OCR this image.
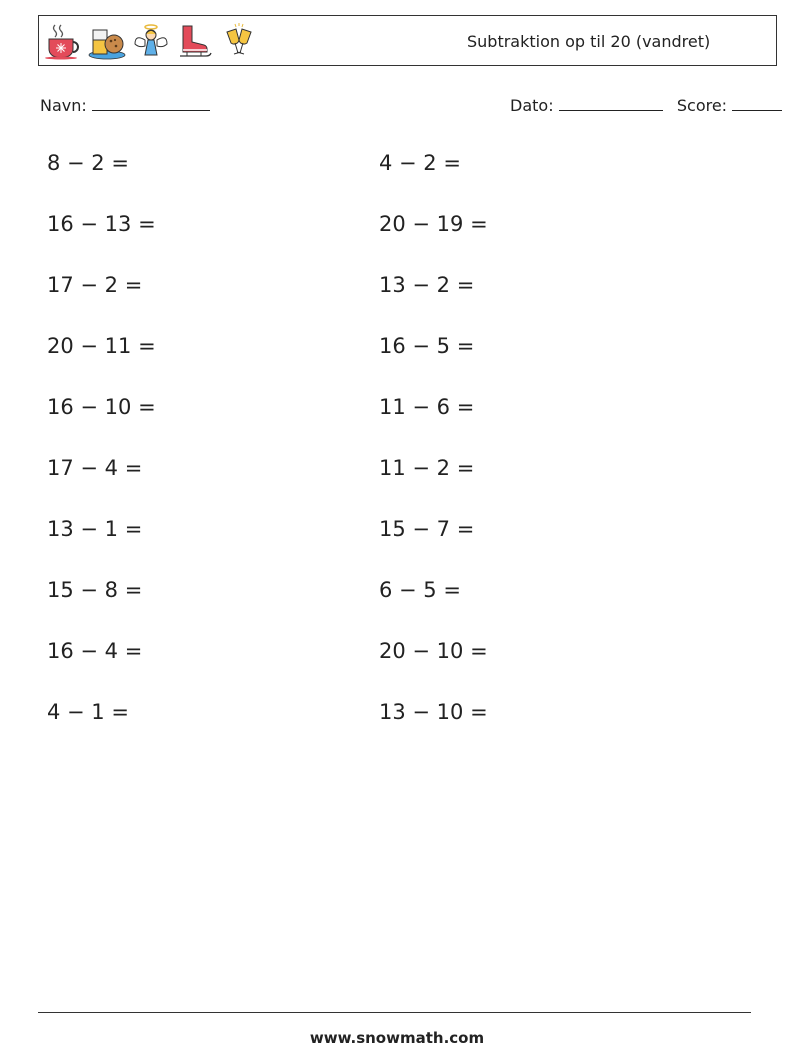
Subtraktion op til 20 (vandret)
Navn:	Dato:	Score:
8 − 2 =
16 − 13 =
17 − 2 =
20 − 11 =
16 − 10 =
17 − 4 =
13 − 1 =
15 − 8 =
16 − 4 =
4 − 1 =
4 − 2 =
20 − 19 =
13 − 2 =
16 − 5 =
11 − 6 =
11 − 2 =
15 − 7 =
6 − 5 =
20 − 10 =
13 − 10 =
www.snowmath.com
